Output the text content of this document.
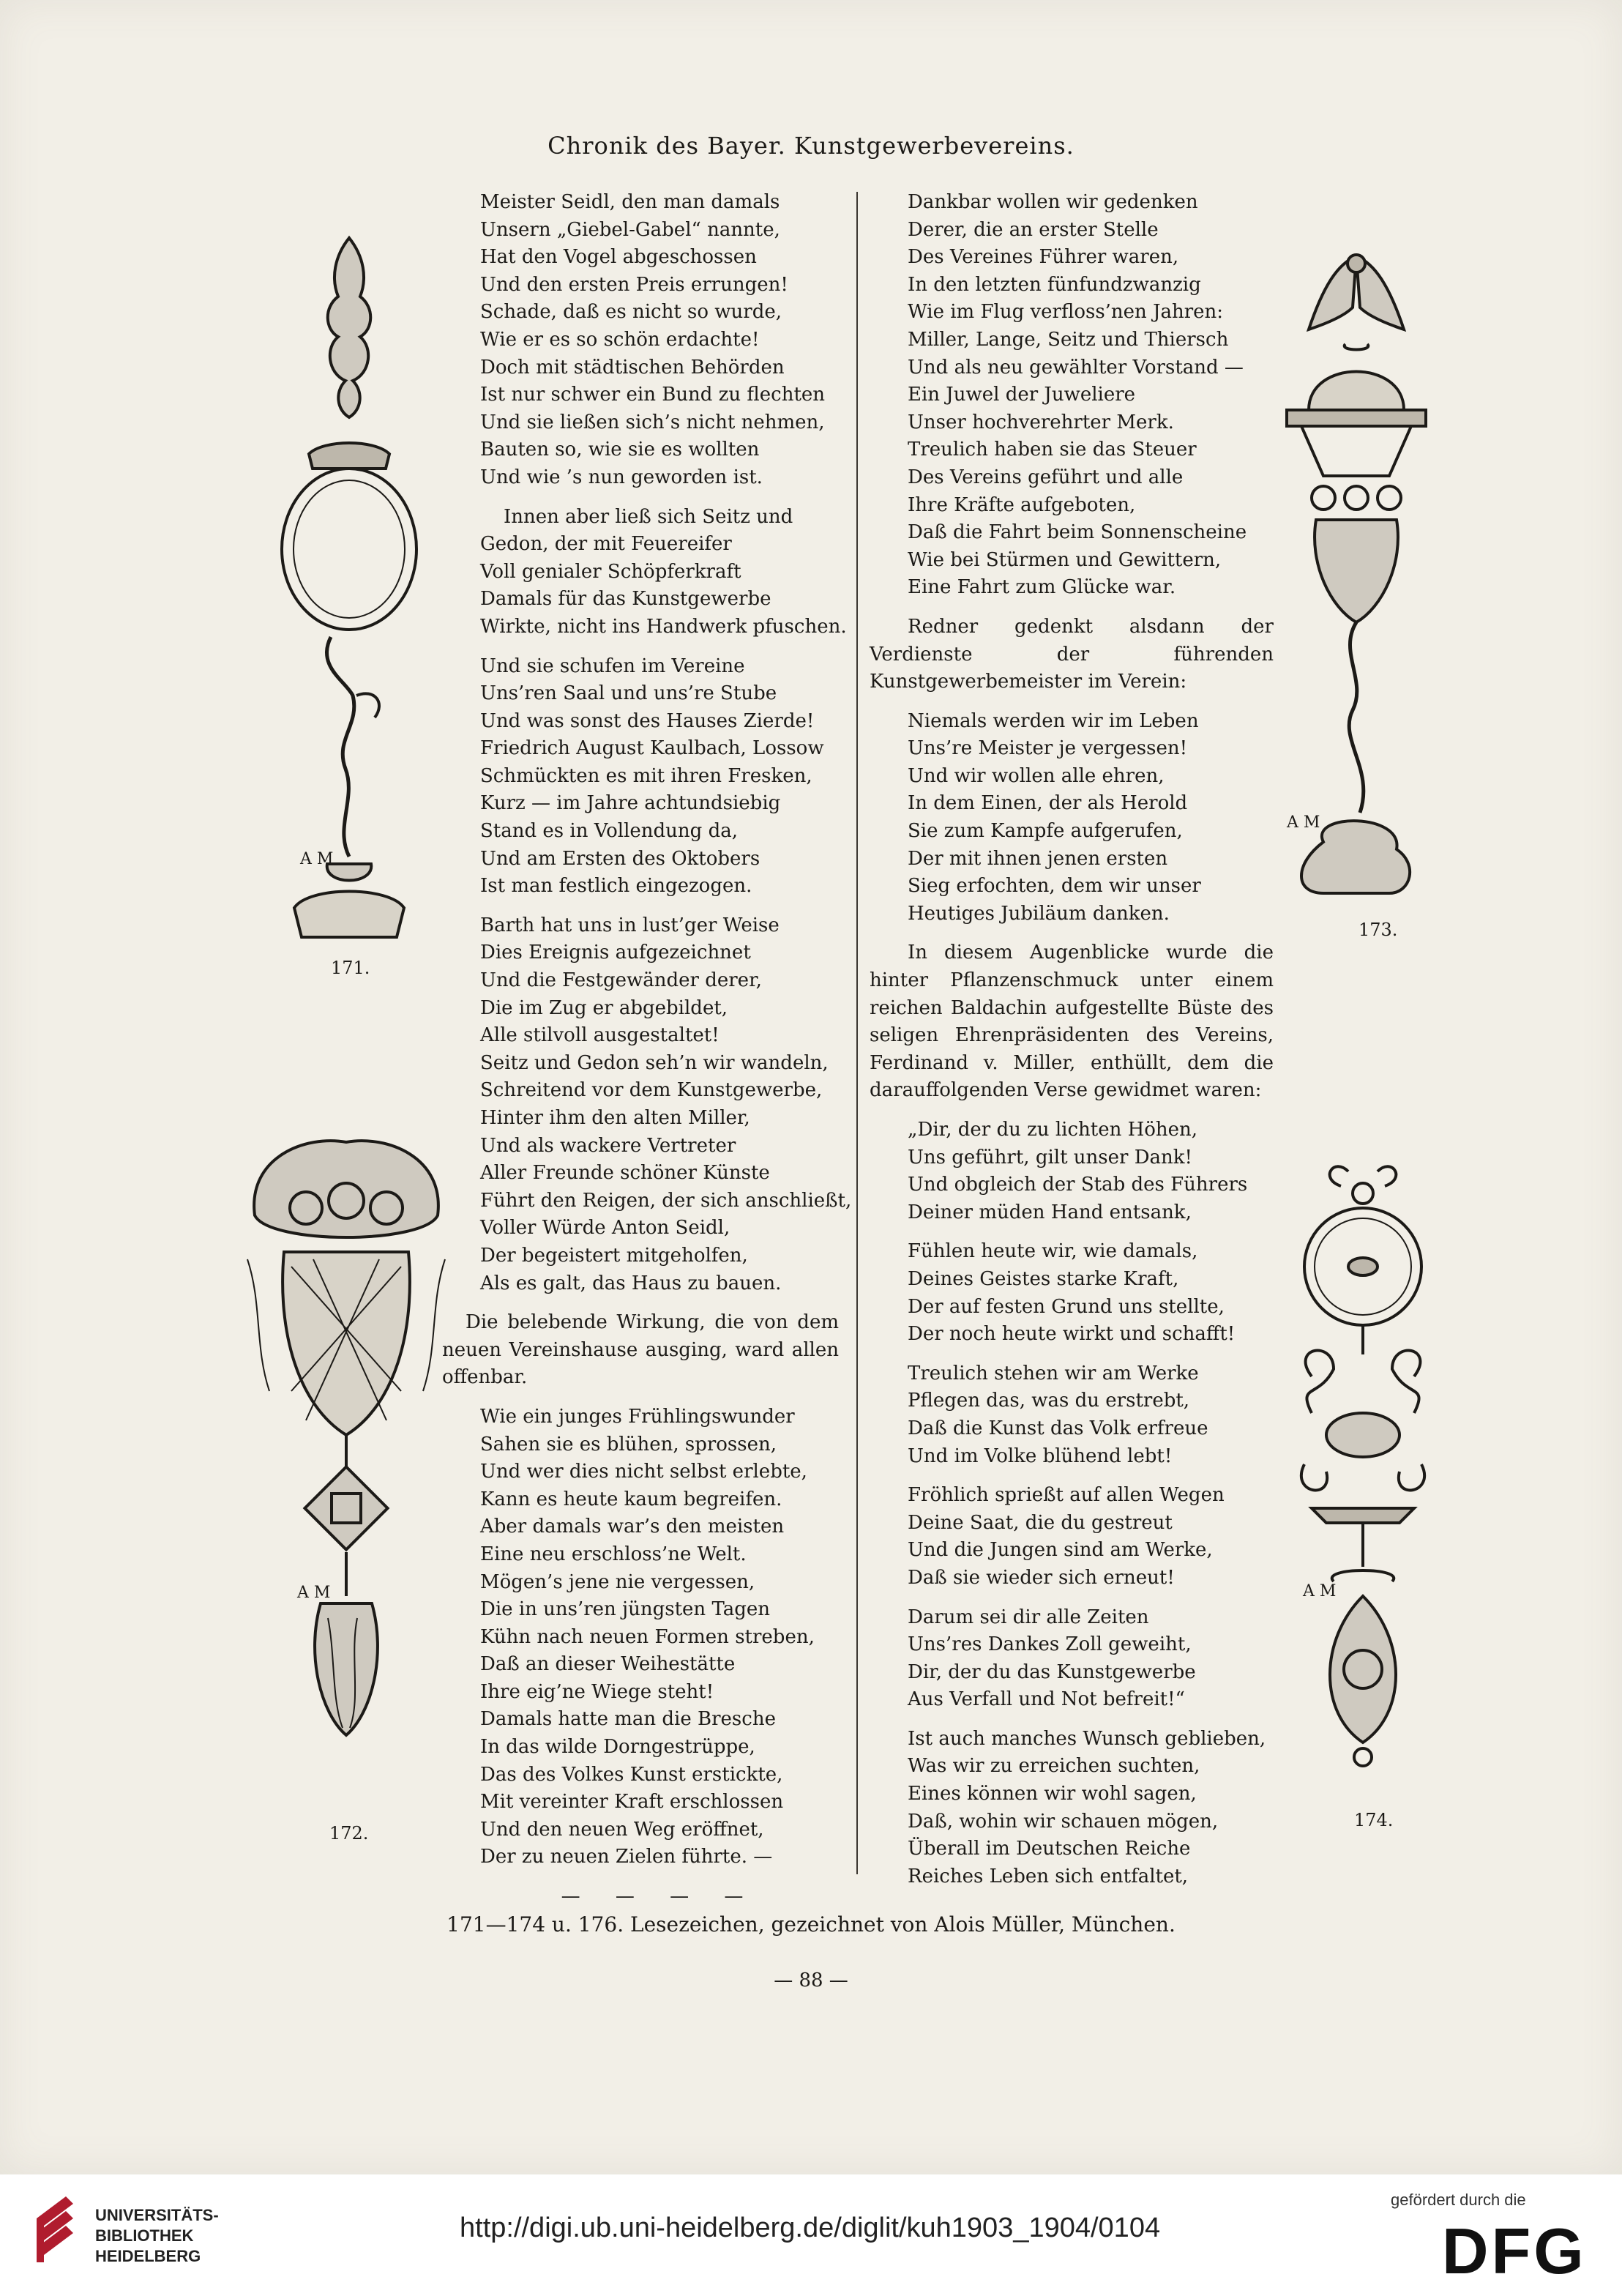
Chronik des Bayer. Kunstgewerbevereins.
A M
171.
A M
172.
A M
173.
A M
174.
Meister Seidl, den man damals
Unsern „Giebel-Gabel“ nannte,
Hat den Vogel abgeschossen
Und den ersten Preis errungen!
Schade, daß es nicht so wurde,
Wie er es so schön erdachte!
Doch mit städtischen Behörden
Ist nur schwer ein Bund zu flechten
Und sie ließen sich’s nicht nehmen,
Bauten so, wie sie es wollten
Und wie ’s nun geworden ist.
Innen aber ließ sich Seitz und
Gedon, der mit Feuereifer
Voll genialer Schöpferkraft
Damals für das Kunstgewerbe
Wirkte, nicht ins Handwerk pfuschen.
Und sie schufen im Vereine
Uns’ren Saal und uns’re Stube
Und was sonst des Hauses Zierde!
Friedrich August Kaulbach, Lossow
Schmückten es mit ihren Fresken,
Kurz — im Jahre achtundsiebig
Stand es in Vollendung da,
Und am Ersten des Oktobers
Ist man festlich eingezogen.
Barth hat uns in lust’ger Weise
Dies Ereignis aufgezeichnet
Und die Festgewänder derer,
Die im Zug er abgebildet,
Alle stilvoll ausgestaltet!
Seitz und Gedon seh’n wir wandeln,
Schreitend vor dem Kunstgewerbe,
Hinter ihm den alten Miller,
Und als wackere Vertreter
Aller Freunde schöner Künste
Führt den Reigen, der sich anschließt,
Voller Würde Anton Seidl,
Der begeistert mitgeholfen,
Als es galt, das Haus zu bauen.

Die belebende Wirkung, die von dem neuen Vereinshause ausging, ward allen offenbar.

Wie ein junges Frühlingswunder
Sahen sie es blühen, sprossen,
Und wer dies nicht selbst erlebte,
Kann es heute kaum begreifen.
Aber damals war’s den meisten
Eine neu erschloss’ne Welt.
Mögen’s jene nie vergessen,
Die in uns’ren jüngsten Tagen
Kühn nach neuen Formen streben,
Daß an dieser Weihestätte
Ihre eig’ne Wiege steht!
Damals hatte man die Bresche
In das wilde Dorngestrüppe,
Das des Volkes Kunst erstickte,
Mit vereinter Kraft erschlossen
Und den neuen Weg eröffnet,
Der zu neuen Zielen führte. —
— — — —
Dankbar wollen wir gedenken
Derer, die an erster Stelle
Des Vereines Führer waren,
In den letzten fünfundzwanzig
Wie im Flug verfloss’nen Jahren:
Miller, Lange, Seitz und Thiersch
Und als neu gewählter Vorstand —
Ein Juwel der Juweliere
Unser hochverehrter Merk.
Treulich haben sie das Steuer
Des Vereins geführt und alle
Ihre Kräfte aufgeboten,
Daß die Fahrt beim Sonnenscheine
Wie bei Stürmen und Gewittern,
Eine Fahrt zum Glücke war.

Redner gedenkt alsdann der Verdienste der führenden Kunstgewerbemeister im Verein:

Niemals werden wir im Leben
Uns’re Meister je vergessen!
Und wir wollen alle ehren,
In dem Einen, der als Herold
Sie zum Kampfe aufgerufen,
Der mit ihnen jenen ersten
Sieg erfochten, dem wir unser
Heutiges Jubiläum danken.

In diesem Augenblicke wurde die hinter Pflanzenschmuck unter einem reichen Baldachin aufgestellte Büste des seligen Ehrenpräsidenten des Vereins, Ferdinand v. Miller, enthüllt, dem die darauffolgenden Verse gewidmet waren:

„Dir, der du zu lichten Höhen,
Uns geführt, gilt unser Dank!
Und obgleich der Stab des Führers
Deiner müden Hand entsank,
Fühlen heute wir, wie damals,
Deines Geistes starke Kraft,
Der auf festen Grund uns stellte,
Der noch heute wirkt und schafft!
Treulich stehen wir am Werke
Pflegen das, was du erstrebt,
Daß die Kunst das Volk erfreue
Und im Volke blühend lebt!
Fröhlich sprießt auf allen Wegen
Deine Saat, die du gestreut
Und die Jungen sind am Werke,
Daß sie wieder sich erneut!
Darum sei dir alle Zeiten
Uns’res Dankes Zoll geweiht,
Dir, der du das Kunstgewerbe
Aus Verfall und Not befreit!“
Ist auch manches Wunsch geblieben,
Was wir zu erreichen suchten,
Eines können wir wohl sagen,
Daß, wohin wir schauen mögen,
Überall im Deutschen Reiche
Reiches Leben sich entfaltet,
171—174 u. 176. Lesezeichen, gezeichnet von Alois Müller, München.
— 88 —
UNIVERSITÄTS-
BIBLIOTHEK
HEIDELBERG
http://digi.ub.uni-heidelberg.de/diglit/kuh1903_1904/0104
gefördert durch die
DFG
